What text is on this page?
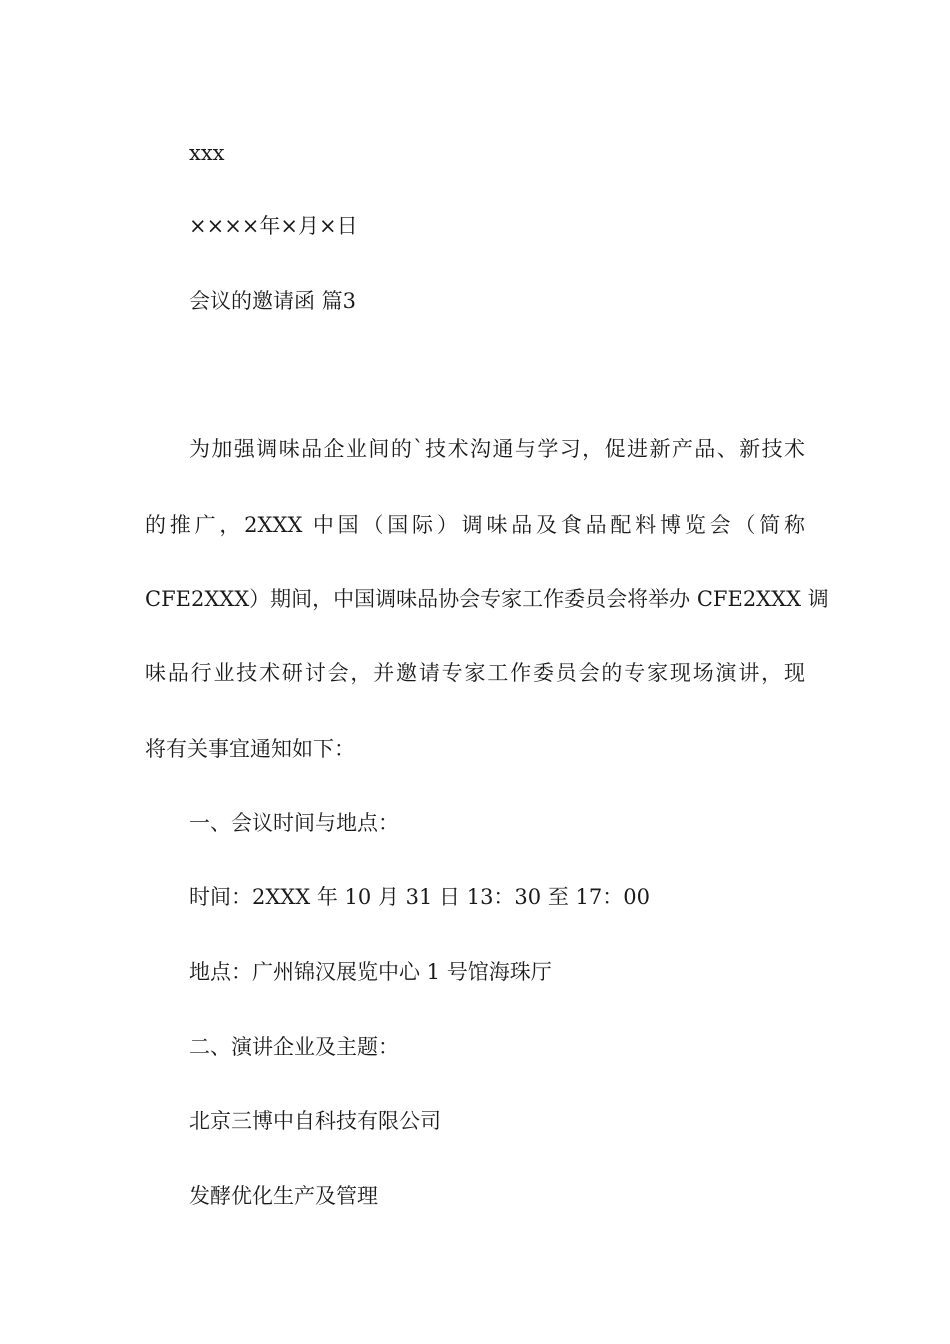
xxx

××××年×月×日

会议的邀请函 篇3

为加强调味品企业间的`技术沟通与学习，促进新产品、新技术

的推广，2XXX 中国（国际）调味品及食品配料博览会（简称

CFE2XXX）期间，中国调味品协会专家工作委员会将举办 CFE2XXX 调

味品行业技术研讨会，并邀请专家工作委员会的专家现场演讲，现

将有关事宜通知如下：

一、会议时间与地点：

时间：2XXX 年 10 月 31 日 13：30 至 17：00

地点：广州锦汉展览中心 1 号馆海珠厅

二、演讲企业及主题：

北京三博中自科技有限公司

发酵优化生产及管理
